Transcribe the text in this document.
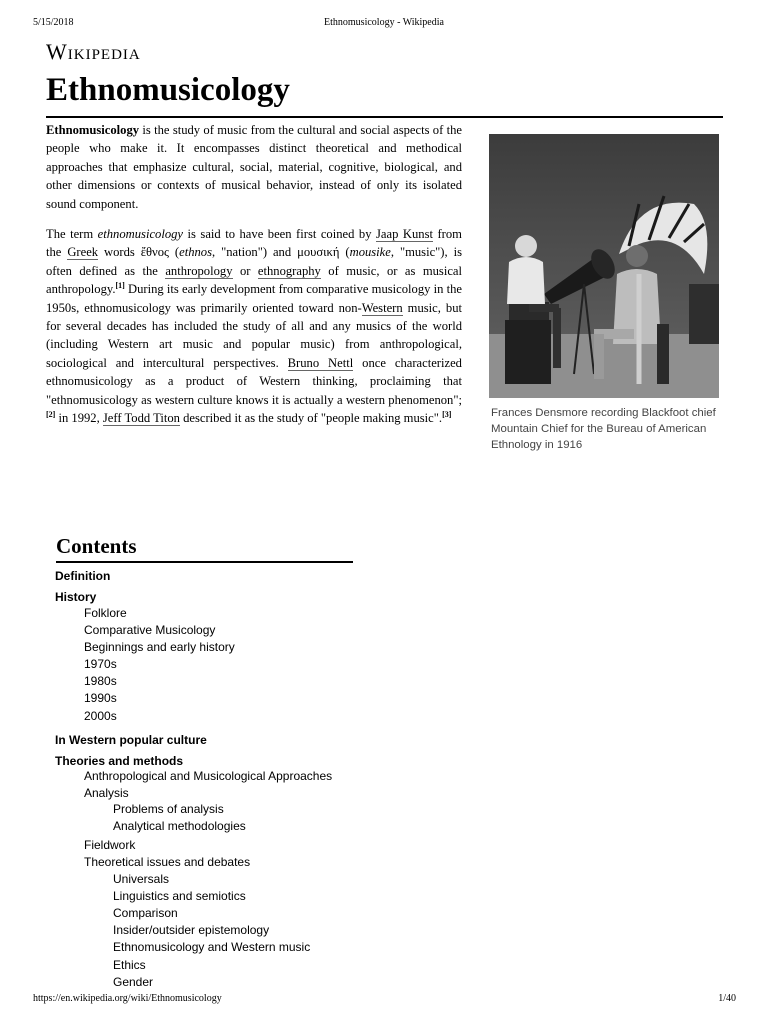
5/15/2018	Ethnomusicology - Wikipedia
Wikipedia
Ethnomusicology

Ethnomusicology is the study of music from the cultural and social aspects of the people who make it. It encompasses distinct theoretical and methodical approaches that emphasize cultural, social, material, cognitive, biological, and other dimensions or contexts of musical behavior, instead of only its isolated sound component.

The term ethnomusicology is said to have been first coined by Jaap Kunst from the Greek words ἔθνος (ethnos, "nation") and μουσική (mousike, "music"), is often defined as the anthropology or ethnography of music, or as musical anthropology.[1] During its early development from comparative musicology in the 1950s, ethnomusicology was primarily oriented toward non-Western music, but for several decades has included the study of all and any musics of the world (including Western art music and popular music) from anthropological, sociological and intercultural perspectives. Bruno Nettl once characterized ethnomusicology as a product of Western thinking, proclaiming that "ethnomusicology as western culture knows it is actually a western phenomenon";[2] in 1992, Jeff Todd Titon described it as the study of "people making music".[3]	Frances Densmore recording Blackfoot chief Mountain Chief for the Bureau of American Ethnology in 1916
Contents
Definition
History
Folklore
Comparative Musicology
Beginnings and early history
1970s
1980s
1990s
2000s
In Western popular culture
Theories and methods
Anthropological and Musicological Approaches
Analysis
Problems of analysis
Analytical methodologies
Fieldwork
Theoretical issues and debates
Universals
Linguistics and semiotics
Comparison
Insider/outsider epistemology
Ethnomusicology and Western music
Ethics
Gender
https://en.wikipedia.org/wiki/Ethnomusicology	1/40
